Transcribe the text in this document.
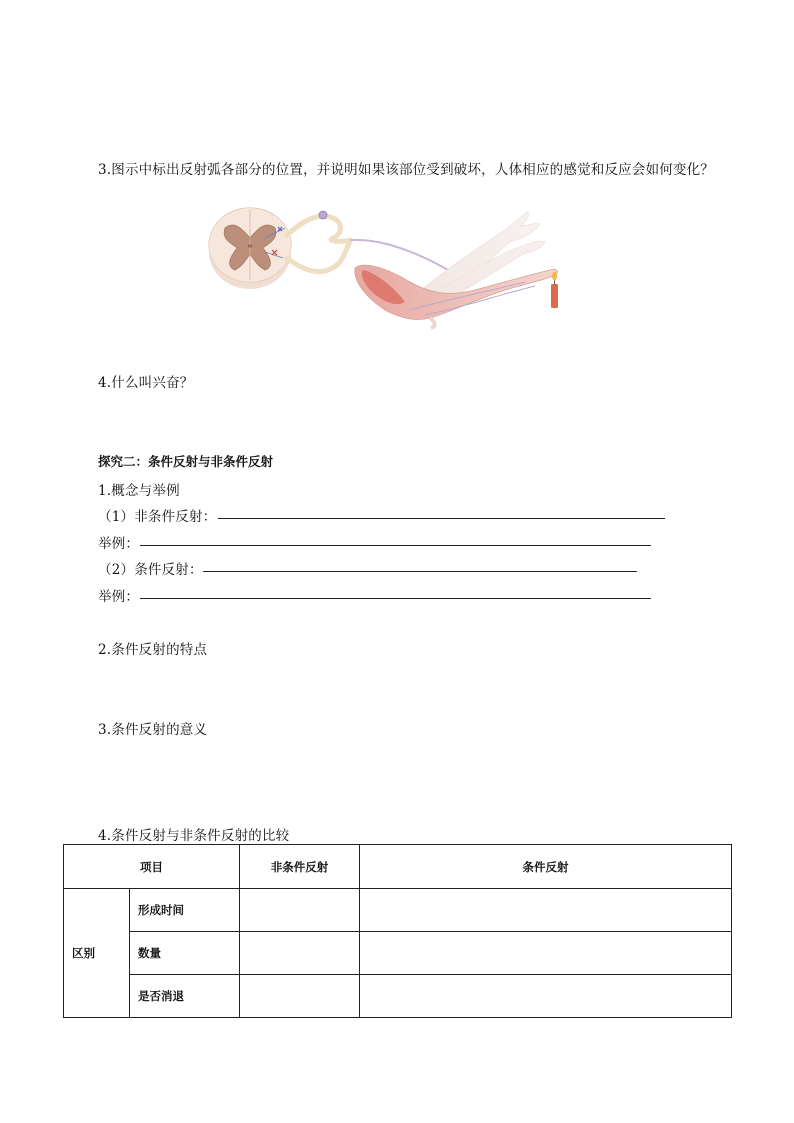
3.图示中标出反射弧各部分的位置，并说明如果该部位受到破坏，人体相应的感觉和反应会如何变化？
4.什么叫兴奋？
探究二：条件反射与非条件反射
1.概念与举例
（1）非条件反射：
举例：
（2）条件反射：
举例：
2.条件反射的特点
3.条件反射的意义
4.条件反射与非条件反射的比较
项目		非条件反射	条件反射
区别	形成时间		
	数量		
	是否消退		
